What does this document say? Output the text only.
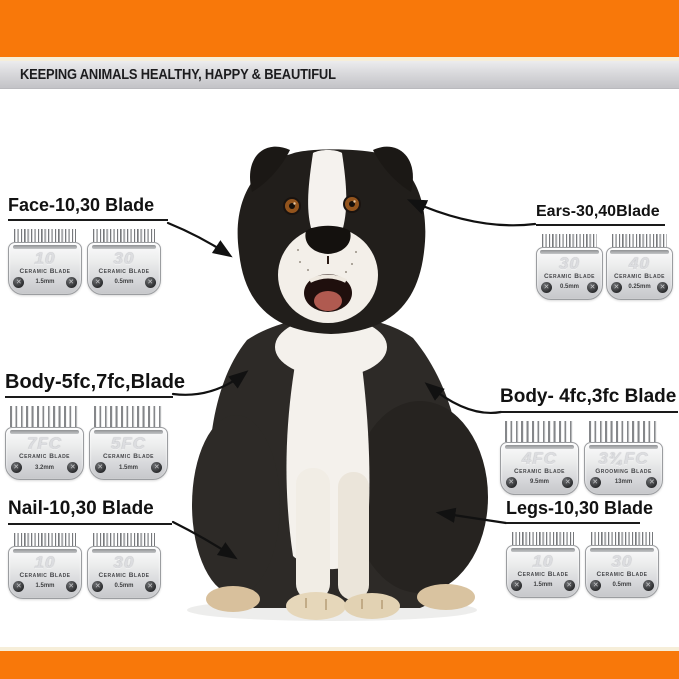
KEEPING ANIMALS HEALTHY, HAPPY & BEAUTIFUL
Face-10,30 Blade
10
Ceramic Blade
✕	1.5mm	✕
30
Ceramic Blade
✕	0.5mm	✕
Ears-30,40Blade
30
Ceramic Blade
✕	0.5mm	✕
40
Ceramic Blade
✕	0.25mm	✕
Body-5fc,7fc,Blade
7FC
Ceramic Blade
✕	3.2mm	✕
5FC
Ceramic Blade
✕	1.5mm	✕
Body- 4fc,3fc Blade
4FC
Ceramic Blade
✕	9.5mm	✕
3¾FC
Grooming Blade
✕	13mm	✕
Nail-10,30 Blade
10
Ceramic Blade
✕	1.5mm	✕
30
Ceramic Blade
✕	0.5mm	✕
Legs-10,30 Blade
10
Ceramic Blade
✕	1.5mm	✕
30
Ceramic Blade
✕	0.5mm	✕
